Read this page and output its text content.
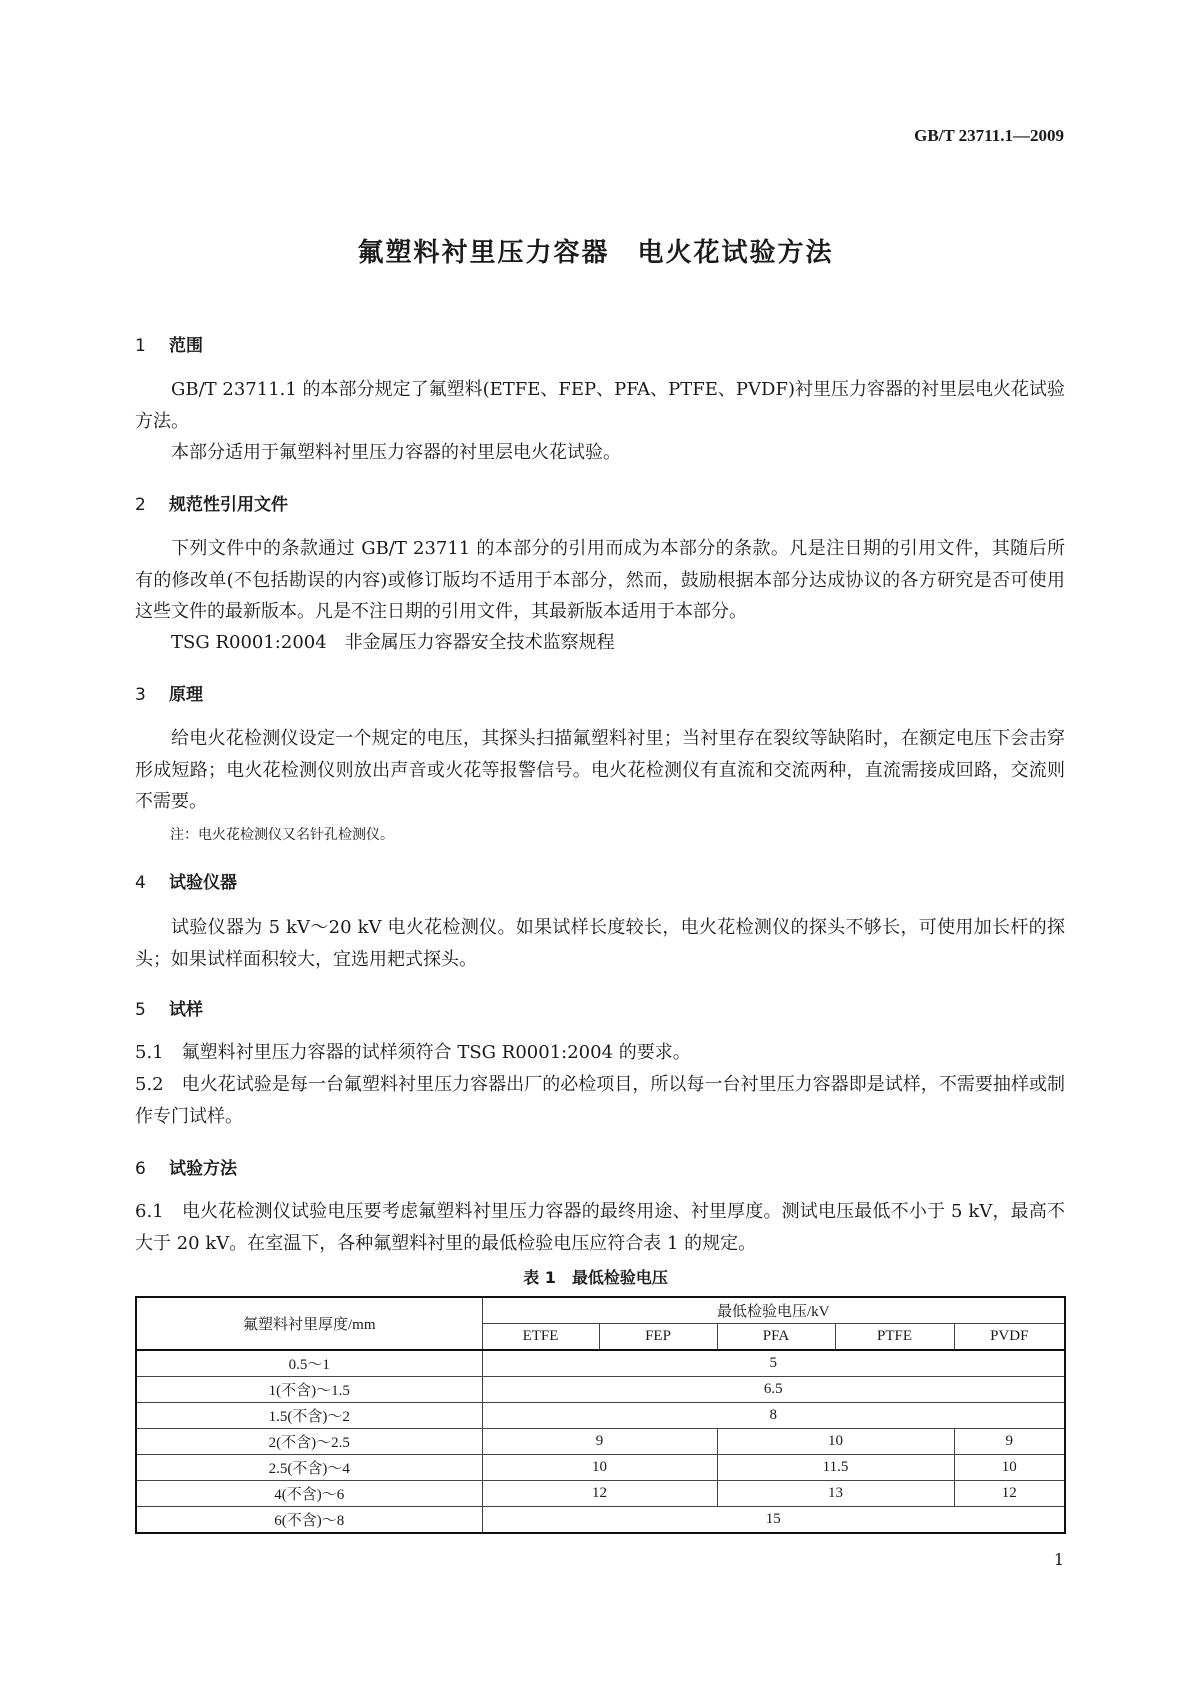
GB/T 23711.1—2009
氟塑料衬里压力容器　电火花试验方法
1 范围
GB/T 23711.1 的本部分规定了氟塑料(ETFE、FEP、PFA、PTFE、PVDF)衬里压力容器的衬里层电火花试验方法。
本部分适用于氟塑料衬里压力容器的衬里层电火花试验。
2 规范性引用文件
下列文件中的条款通过 GB/T 23711 的本部分的引用而成为本部分的条款。凡是注日期的引用文件，其随后所有的修改单(不包括勘误的内容)或修订版均不适用于本部分，然而，鼓励根据本部分达成协议的各方研究是否可使用这些文件的最新版本。凡是不注日期的引用文件，其最新版本适用于本部分。
TSG R0001:2004　非金属压力容器安全技术监察规程
3 原理
给电火花检测仪设定一个规定的电压，其探头扫描氟塑料衬里；当衬里存在裂纹等缺陷时，在额定电压下会击穿形成短路；电火花检测仪则放出声音或火花等报警信号。电火花检测仪有直流和交流两种，直流需接成回路，交流则不需要。
注：电火花检测仪又名针孔检测仪。
4 试验仪器
试验仪器为 5 kV～20 kV 电火花检测仪。如果试样长度较长，电火花检测仪的探头不够长，可使用加长杆的探头；如果试样面积较大，宜选用耙式探头。
5 试样
5.1　氟塑料衬里压力容器的试样须符合 TSG R0001:2004 的要求。
5.2　电火花试验是每一台氟塑料衬里压力容器出厂的必检项目，所以每一台衬里压力容器即是试样，不需要抽样或制作专门试样。
6 试验方法
6.1　电火花检测仪试验电压要考虑氟塑料衬里压力容器的最终用途、衬里厚度。测试电压最低不小于 5 kV，最高不大于 20 kV。在室温下，各种氟塑料衬里的最低检验电压应符合表 1 的规定。
表 1　最低检验电压
氟塑料衬里厚度/mm	最低检验电压/kV				
	ETFE	FEP	PFA	PTFE	PVDF
0.5～1	5				
1(不含)～1.5	6.5				
1.5(不含)～2	8				
2(不含)～2.5	9		10		9
2.5(不含)～4	10		11.5		10
4(不含)～6	12		13		12
6(不含)～8	15				
1
